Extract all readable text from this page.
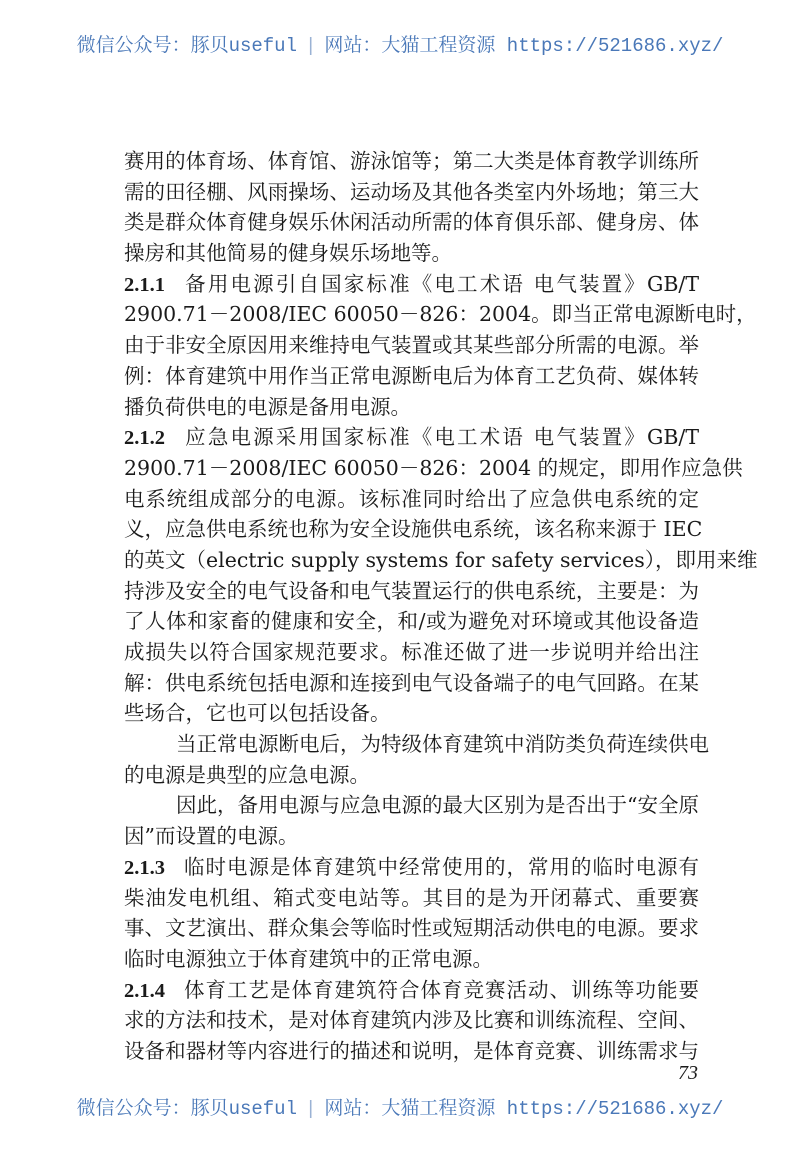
微信公众号：豚贝useful | 网站：大猫工程资源 https://521686.xyz/
赛用的体育场、体育馆、游泳馆等；第二大类是体育教学训练所
需的田径棚、风雨操场、运动场及其他各类室内外场地；第三大
类是群众体育健身娱乐休闲活动所需的体育俱乐部、健身房、体
操房和其他简易的健身娱乐场地等。
2.1.1 备用电源引自国家标准《电工术语 电气装置》GB/T
2900.71－2008/IEC 60050－826：2004。即当正常电源断电时，
由于非安全原因用来维持电气装置或其某些部分所需的电源。举
例：体育建筑中用作当正常电源断电后为体育工艺负荷、媒体转
播负荷供电的电源是备用电源。
2.1.2 应急电源采用国家标准《电工术语 电气装置》GB/T
2900.71－2008/IEC 60050－826：2004 的规定，即用作应急供
电系统组成部分的电源。该标准同时给出了应急供电系统的定
义，应急供电系统也称为安全设施供电系统，该名称来源于 IEC
的英文（electric supply systems for safety services），即用来维
持涉及安全的电气设备和电气装置运行的供电系统，主要是：为
了人体和家畜的健康和安全，和/或为避免对环境或其他设备造
成损失以符合国家规范要求。标准还做了进一步说明并给出注
解：供电系统包括电源和连接到电气设备端子的电气回路。在某
些场合，它也可以包括设备。
当正常电源断电后，为特级体育建筑中消防类负荷连续供电
的电源是典型的应急电源。
因此，备用电源与应急电源的最大区别为是否出于“安全原
因”而设置的电源。
2.1.3 临时电源是体育建筑中经常使用的，常用的临时电源有
柴油发电机组、箱式变电站等。其目的是为开闭幕式、重要赛
事、文艺演出、群众集会等临时性或短期活动供电的电源。要求
临时电源独立于体育建筑中的正常电源。
2.1.4 体育工艺是体育建筑符合体育竞赛活动、训练等功能要
求的方法和技术，是对体育建筑内涉及比赛和训练流程、空间、
设备和器材等内容进行的描述和说明，是体育竞赛、训练需求与
73
微信公众号：豚贝useful | 网站：大猫工程资源 https://521686.xyz/
